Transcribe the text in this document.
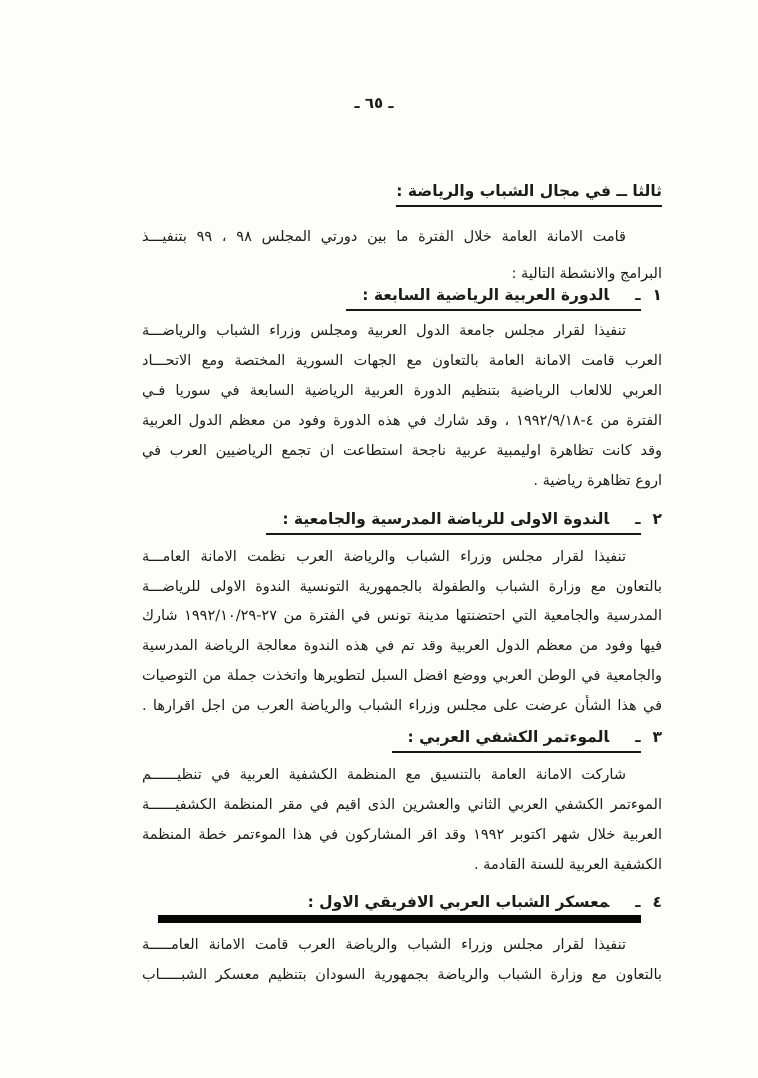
ـ ٦٥ ـ
ثالثا ــ في مجال الشباب والرياضة :
قامت الامانة العامة خلال الفترة ما بين دورتي المجلس ٩٨ ، ٩٩ بتنفيـــذ
البرامج والانشطة التالية :
١
ـالدورة العربية الرياضية السابعة :
تنفيذا لقرار مجلس جامعة الدول العربية ومجلس وزراء الشباب والرياضـــة
العرب قامت الامانة العامة بالتعاون مع الجهات السورية المختصة ومع الاتحـــاد
العربي للالعاب الرياضية بتنظيم الدورة العربية الرياضية السابعة في سوريا فـي
الفترة من ٤-١٩٩٢/٩/١٨ ، وقد شارك في هذه الدورة وفود من معظم الدول العربية
وقد كانت تظاهرة اوليمبية عربية ناجحة استطاعت ان تجمع الرياضيين العرب في
اروع تظاهرة رياضية .
٢
ـالندوة الاولى للرياضة المدرسية والجامعية :
تنفيذا لقرار مجلس وزراء الشباب والرياضة العرب نظمت الامانة العامـــة
بالتعاون مع وزارة الشباب والطفولة بالجمهورية التونسية الندوة الاولى للرياضـــة
المدرسية والجامعية التي احتضنتها مدينة تونس في الفترة من ٢٧-١٩٩٢/١٠/٢٩ شارك
فيها وفود من معظم الدول العربية وقد تم في هذه الندوة معالجة الرياضة المدرسية
والجامعية في الوطن العربي ووضع افضل السبل لتطويرها واتخذت جملة من التوصيات
في هذا الشأن عرضت على مجلس وزراء الشباب والرياضة العرب من اجل اقرارها .
٣
ـالموءتمر الكشفي العربي :
شاركت الامانة العامة بالتنسيق مع المنظمة الكشفية العربية في تنظيــــــم
الموءتمر الكشفي العربي الثاني والعشرين الذى اقيم في مقر المنظمة الكشفيــــــة
العربية خلال شهر اكتوبر ١٩٩٢ وقد اقر المشاركون في هذا الموءتمر خطة المنظمة
الكشفية العربية للسنة القادمة .
٤
ـمعسكر الشباب العربي الافريقي الاول :
تنفيذا لقرار مجلس وزراء الشباب والرياضة العرب قامت الامانة العامـــــة
بالتعاون مع وزارة الشباب والرياضة بجمهورية السودان بتنظيم معسكر الشبـــــاب
